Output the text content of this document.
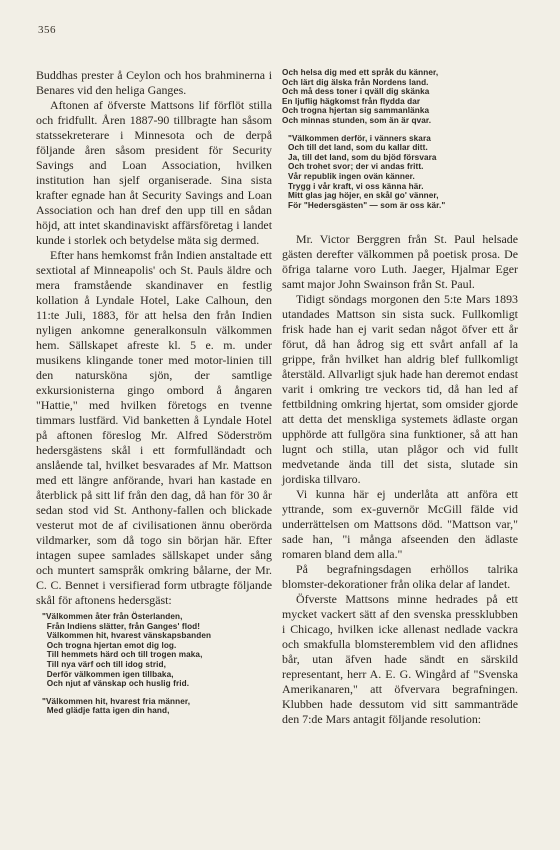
356

Buddhas prester å Ceylon och hos brahminerna i Benares vid den heliga Ganges.

Aftonen af öfverste Mattsons lif förflöt stilla och fridfullt. Åren 1887-90 tillbragte han såsom statssekreterare i Minnesota och de derpå följande åren såsom president för Security Savings and Loan Association, hvilken institution han sjelf organiserade. Sina sista krafter egnade han åt Security Savings and Loan Association och han dref den upp till en sådan höjd, att intet skandinaviskt affärsföretag i landet kunde i storlek och betydelse mäta sig dermed.

Efter hans hemkomst från Indien anstaltade ett sextiotal af Minneapolis' och St. Pauls äldre och mera framstående skandinaver en festlig kollation å Lyndale Hotel, Lake Calhoun, den 11:te Juli, 1883, för att helsa den från Indien nyligen ankomne generalkonsuln välkommen hem. Sällskapet afreste kl. 5 e. m. under musikens klingande toner med motor-linien till den natursköna sjön, der samtlige exkursionisterna gingo ombord å ångaren "Hattie," med hvilken företogs en tvenne timmars lustfärd. Vid banketten å Lyndale Hotel på aftonen föreslog Mr. Alfred Söderström hedersgästens skål i ett formfulländadt och anslående tal, hvilket besvarades af Mr. Mattson med ett längre anförande, hvari han kastade en återblick på sitt lif från den dag, då han för 30 år sedan stod vid St. Anthony-fallen och blickade vesterut mot de af civilisationen ännu oberörda vildmarker, som då togo sin början här. Efter intagen supee samlades sällskapet under sång och muntert samspråk omkring bålarne, der Mr. C. C. Bennet i versifierad form utbragte följande skål för aftonens hedersgäst:

"Välkommen åter från Österlanden,
Från Indiens slätter, från Ganges' flod!
Välkommen hit, hvarest vänskapsbanden
Och trogna hjertan emot dig log.
Till hemmets härd och till trogen maka,
Till nya värf och till idog strid,
Derför välkommen igen tillbaka,
Och njut af vänskap och huslig frid.
"Välkommen hit, hvarest fria männer,
Med glädje fatta igen din hand,
Och helsa dig med ett språk du känner,
Och lärt dig älska från Nordens land.
Och må dess toner i qväll dig skänka
En ljuflig hägkomst från flydda dar
Och trogna hjertan sig sammanlänka
Och minnas stunden, som än är qvar.
"Välkommen derför, i vänners skara
Och till det land, som du kallar ditt.
Ja, till det land, som du bjöd försvara
Och trohet svor; der vi andas fritt.
Vår republik ingen ovän känner.
Trygg i vår kraft, vi oss känna här.
Mitt glas jag höjer, en skål go' vänner,
För "Hedersgästen" — som är oss kär."

Mr. Victor Berggren från St. Paul helsade gästen derefter välkommen på poetisk prosa. De öfriga talarne voro Luth. Jaeger, Hjalmar Eger samt major John Swainson från St. Paul.

Tidigt söndags morgonen den 5:te Mars 1893 utandades Mattson sin sista suck. Fullkomligt frisk hade han ej varit sedan något öfver ett år förut, då han ådrog sig ett svårt anfall af la grippe, från hvilket han aldrig blef fullkomligt återstäld. Allvarligt sjuk hade han deremot endast varit i omkring tre veckors tid, då han led af fettbildning omkring hjertat, som omsider gjorde att detta det menskliga systemets ädlaste organ upphörde att fullgöra sina funktioner, så att han lugnt och stilla, utan plågor och vid fullt medvetande ända till det sista, slutade sin jordiska tillvaro.

Vi kunna här ej underlåta att anföra ett yttrande, som ex-guvernör McGill fälde vid underrättelsen om Mattsons död. "Mattson var," sade han, "i många afseenden den ädlaste romaren bland dem alla."

På begrafningsdagen erhöllos talrika blomster-dekorationer från olika delar af landet.

Öfverste Mattsons minne hedrades på ett mycket vackert sätt af den svenska pressklubben i Chicago, hvilken icke allenast nedlade vackra och smakfulla blomsteremblem vid den aflidnes bår, utan äfven hade sändt en särskild representant, herr A. E. G. Wingård af "Svenska Amerikanaren," att öfvervara begrafningen. Klubben hade dessutom vid sitt sammanträde den 7:de Mars antagit följande resolution:
